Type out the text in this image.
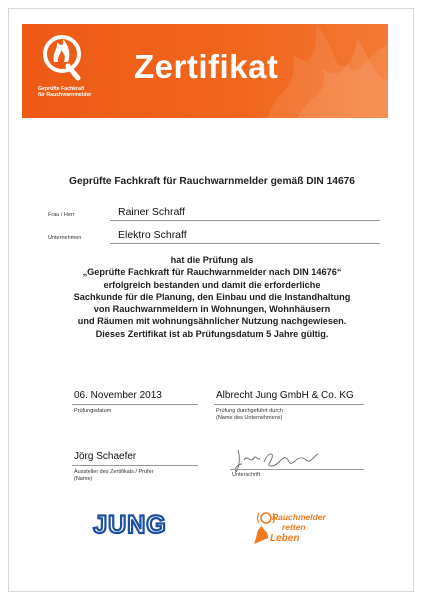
Geprüfte Fachkraft
für Rauchwarnmelder
Zertifikat
Geprüfte Fachkraft für Rauchwarnmelder gemäß DIN 14676
Frau / Herr	Rainer Schraff
Unternehmen	Elektro Schraff
hat die Prüfung als
„Geprüfte Fachkraft für Rauchwarnmelder nach DIN 14676“
erfolgreich bestanden und damit die erforderliche
Sachkunde für die Planung, den Einbau und die Instandhaltung
von Rauchwarnmeldern in Wohnungen, Wohnhäusern
und Räumen mit wohnungsähnlicher Nutzung nachgewiesen.
Dieses Zertifikat ist ab Prüfungsdatum 5 Jahre gültig.
06. November 2013
Prüfungsdatum
Albrecht Jung GmbH & Co. KG
Prüfung durchgeführt durch
(Name des Unternehmens)
Jörg Schaefer
Aussteller des Zertifikats / Prüfer
(Name)
Unterschrift
JUNG	Rauchmelder
retten
Leben
